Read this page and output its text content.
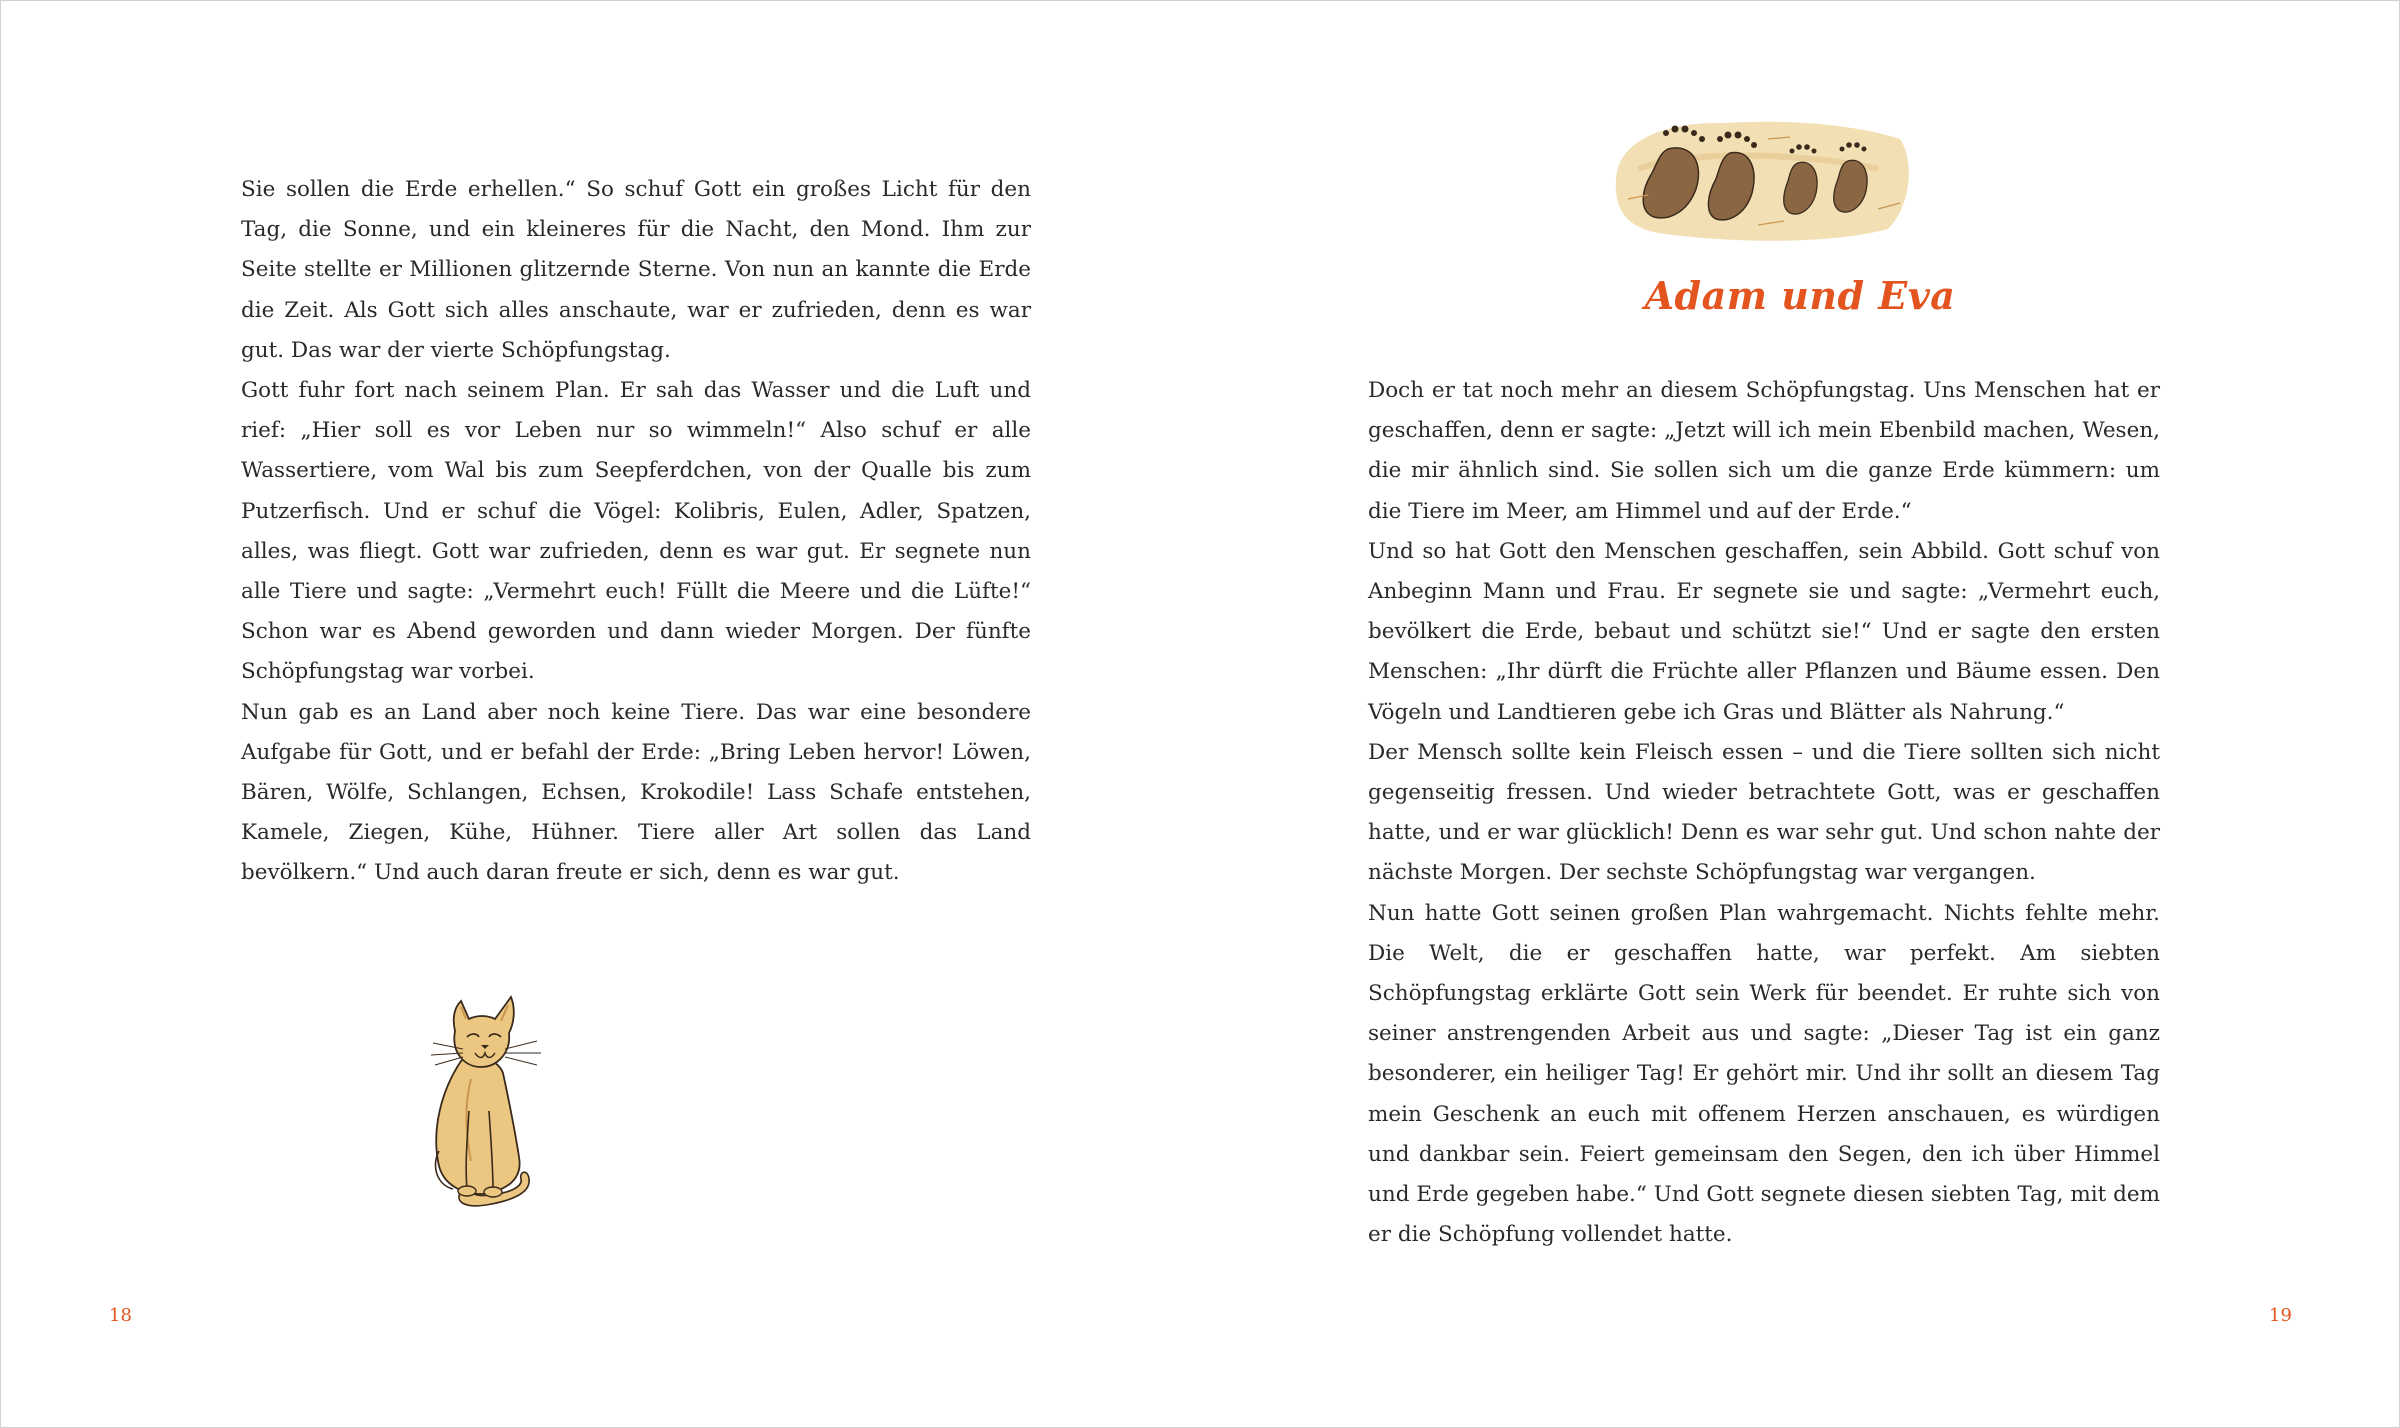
Sie sollen die Erde erhellen.“ So schuf Gott ein großes Licht für den Tag, die Sonne, und ein kleineres für die Nacht, den Mond. Ihm zur Seite stellte er Millionen glitzernde Sterne. Von nun an kannte die Erde die Zeit. Als Gott sich alles anschaute, war er zufrieden, denn es war gut. Das war der vierte Schöpfungstag.

Gott fuhr fort nach seinem Plan. Er sah das Wasser und die Luft und rief: „Hier soll es vor Leben nur so wimmeln!“ Also schuf er alle Wassertiere, vom Wal bis zum Seepferdchen, von der Qualle bis zum Putzerfisch. Und er schuf die Vögel: Kolibris, Eulen, Adler, Spatzen, alles, was fliegt. Gott war zufrieden, denn es war gut. Er segnete nun alle Tiere und sagte: „Vermehrt euch! Füllt die Meere und die Lüfte!“ Schon war es Abend geworden und dann wieder Morgen. Der fünfte Schöpfungstag war vorbei.

Nun gab es an Land aber noch keine Tiere. Das war eine besondere Aufgabe für Gott, und er befahl der Erde: „Bring Leben hervor! Löwen, Bären, Wölfe, Schlangen, Echsen, Krokodile! Lass Schafe entstehen, Kamele, Ziegen, Kühe, Hühner. Tiere aller Art sollen das Land bevölkern.“ Und auch daran freute er sich, denn es war gut.

18
Adam und Eva

Doch er tat noch mehr an diesem Schöpfungstag. Uns Menschen hat er geschaffen, denn er sagte: „Jetzt will ich mein Ebenbild machen, Wesen, die mir ähnlich sind. Sie sollen sich um die ganze Erde kümmern: um die Tiere im Meer, am Himmel und auf der Erde.“

Und so hat Gott den Menschen geschaffen, sein Abbild. Gott schuf von Anbeginn Mann und Frau. Er segnete sie und sagte: „Vermehrt euch, bevölkert die Erde, bebaut und schützt sie!“ Und er sagte den ersten Menschen: „Ihr dürft die Früchte aller Pflanzen und Bäume essen. Den Vögeln und Landtieren gebe ich Gras und Blätter als Nahrung.“

Der Mensch sollte kein Fleisch essen – und die Tiere sollten sich nicht gegenseitig fressen. Und wieder betrachtete Gott, was er geschaffen hatte, und er war glücklich! Denn es war sehr gut. Und schon nahte der nächste Morgen. Der sechste Schöpfungstag war vergangen.

Nun hatte Gott seinen großen Plan wahrgemacht. Nichts fehlte mehr. Die Welt, die er geschaffen hatte, war perfekt. Am siebten Schöpfungstag erklärte Gott sein Werk für beendet. Er ruhte sich von seiner anstrengenden Arbeit aus und sagte: „Dieser Tag ist ein ganz besonderer, ein heiliger Tag! Er gehört mir. Und ihr sollt an diesem Tag mein Geschenk an euch mit offenem Herzen anschauen, es würdigen und dankbar sein. Feiert gemeinsam den Segen, den ich über Himmel und Erde gegeben habe.“ Und Gott segnete diesen siebten Tag, mit dem er die Schöpfung vollendet hatte.

19
